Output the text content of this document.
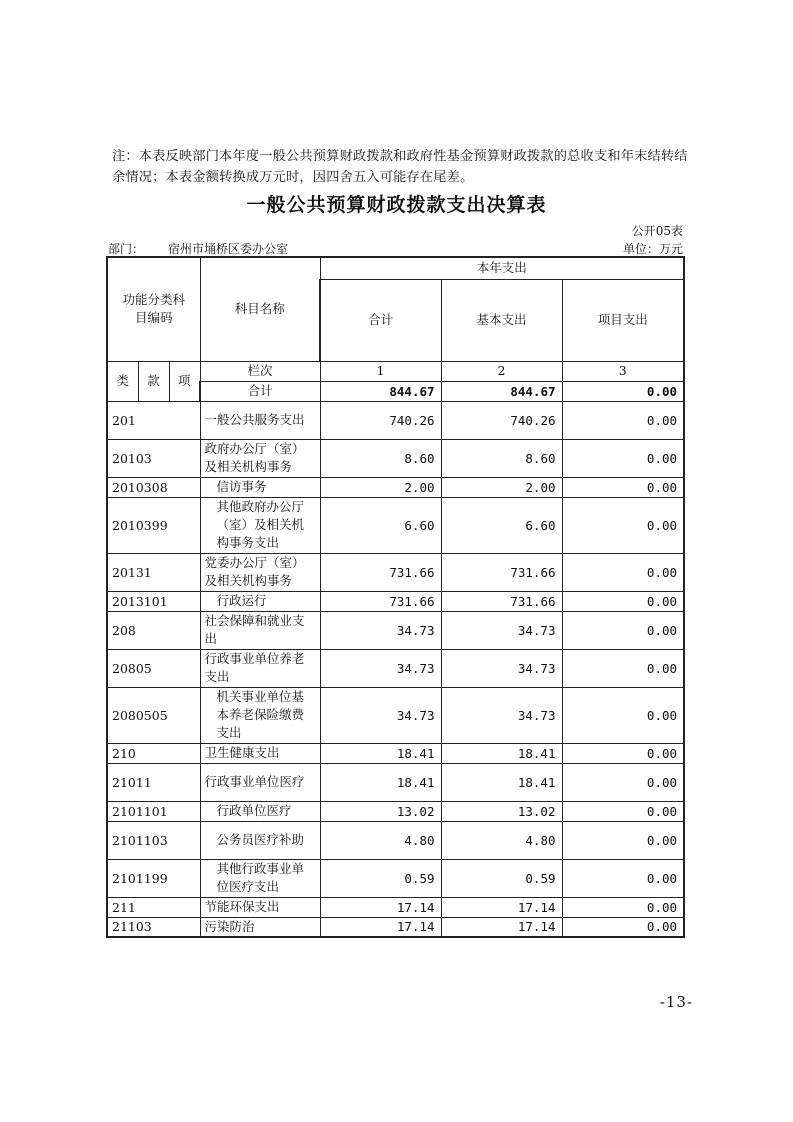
注：本表反映部门本年度一般公共预算财政拨款和政府性基金预算财政拨款的总收支和年末结转结余情况；本表金额转换成万元时，因四舍五入可能存在尾差。
一般公共预算财政拨款支出决算表
公开05表
部门： 宿州市埇桥区委办公室	单位：万元
功能分类科目编码			科目名称	本年支出		
				合计	基本支出	项目支出
类	款	项	栏次	1	2	3
			合计	844.67	844.67	0.00
201			一般公共服务支出	740.26	740.26	0.00
20103			政府办公厅（室）及相关机构事务	8.60	8.60	0.00
2010308			信访事务	2.00	2.00	0.00
2010399			其他政府办公厅（室）及相关机构事务支出	6.60	6.60	0.00
20131			党委办公厅（室）及相关机构事务	731.66	731.66	0.00
2013101			行政运行	731.66	731.66	0.00
208			社会保障和就业支出	34.73	34.73	0.00
20805			行政事业单位养老支出	34.73	34.73	0.00
2080505			机关事业单位基本养老保险缴费支出	34.73	34.73	0.00
210			卫生健康支出	18.41	18.41	0.00
21011			行政事业单位医疗	18.41	18.41	0.00
2101101			行政单位医疗	13.02	13.02	0.00
2101103			公务员医疗补助	4.80	4.80	0.00
2101199			其他行政事业单位医疗支出	0.59	0.59	0.00
211			节能环保支出	17.14	17.14	0.00
21103			污染防治	17.14	17.14	0.00
-13-
